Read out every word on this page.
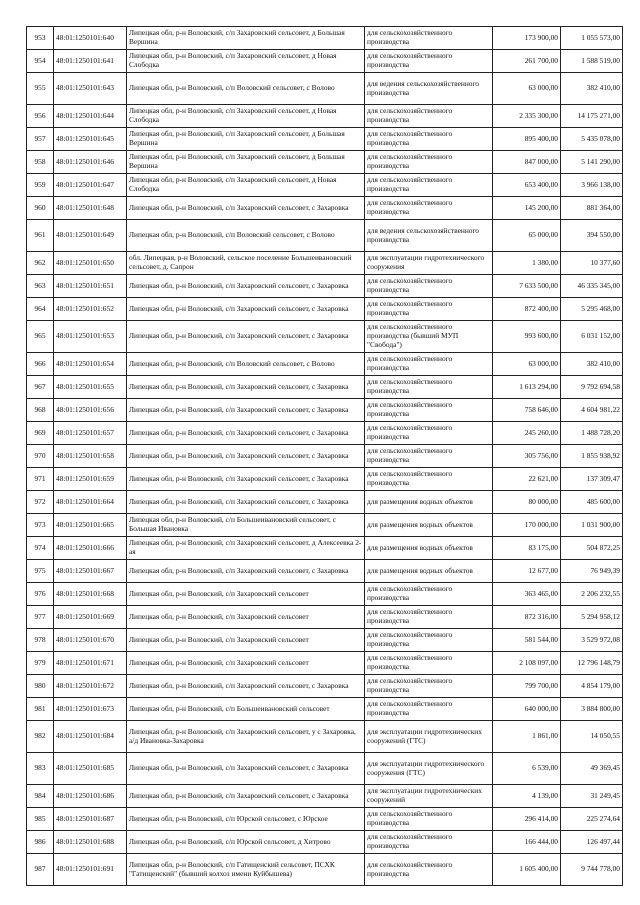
953	48:01:1250101:640	Липецкая обл, р-н Воловский, с/п Захаровский сельсовет, д Большая Вершина	для сельскохозяйственного производства	173 900,00	1 055 573,00
954	48:01:1250101:641	Липецкая обл, р-н Воловский, с/п Захаровский сельсовет, д Новая Слободка	для сельскохозяйственного производства	261 700,00	1 588 519,00
955	48:01:1250101:643	Липецкая обл, р-н Воловский, с/п Воловский сельсовет, с Волово	для ведения сельскохозяйственного производства	63 000,00	382 410,00
956	48:01:1250101:644	Липецкая обл, р-н Воловский, с/п Захаровский сельсовет, д Новая Слободка	для сельскохозяйственного производства	2 335 300,00	14 175 271,00
957	48:01:1250101:645	Липецкая обл, р-н Воловский, с/п Захаровский сельсовет, д Большая Вершина	для сельскохозяйственного производства	895 400,00	5 435 078,00
958	48:01:1250101:646	Липецкая обл, р-н Воловский, с/п Захаровский сельсовет, д Большая Вершина	для сельскохозяйственного производства	847 000,00	5 141 290,00
959	48:01:1250101:647	Липецкая обл, р-н Воловский, с/п Захаровский сельсовет, д Новая Слободка	для сельскохозяйственного производства	653 400,00	3 966 138,00
960	48:01:1250101:648	Липецкая обл, р-н Воловский, с/п Захаровский сельсовет, с Захаровка	для сельскохозяйственного производства	145 200,00	881 364,00
961	48:01:1250101:649	Липецкая обл, р-н Воловский, с/п Воловский сельсовет, с Волово	для ведения сельскохозяйственного производства	65 000,00	394 550,00
962	48:01:1250101:650	обл. Липецкая, р-н Воловский, сельское поселение Большеивановский сельсовет, д. Сапрон	для эксплуатации гидротехнического сооружения	1 380,00	10 377,60
963	48:01:1250101:651	Липецкая обл, р-н Воловский, с/п Захаровский сельсовет, с Захаровка	для сельскохозяйственного производства	7 633 500,00	46 335 345,00
964	48:01:1250101:652	Липецкая обл, р-н Воловский, с/п Захаровский сельсовет, с Захаровка	для сельскохозяйственного производства	872 400,00	5 295 468,00
965	48:01:1250101:653	Липецкая обл, р-н Воловский, с/п Захаровский сельсовет, с Захаровка	для сельскохозяйственного производства (бывший МУП "Свобода")	993 600,00	6 031 152,00
966	48:01:1250101:654	Липецкая обл, р-н Воловский, с/п Воловский сельсовет, с Волово	для сельскохозяйственного производства	63 000,00	382 410,00
967	48:01:1250101:655	Липецкая обл, р-н Воловский, с/п Захаровский сельсовет, с Захаровка	для сельскохозяйственного производства	1 613 294,00	9 792 694,58
968	48:01:1250101:656	Липецкая обл, р-н Воловский, с/п Захаровский сельсовет, с Захаровка	для сельскохозяйственного производства	758 646,00	4 604 981,22
969	48:01:1250101:657	Липецкая обл, р-н Воловский, с/п Захаровский сельсовет, с Захаровка	для сельскохозяйственного производства	245 260,00	1 488 728,20
970	48:01:1250101:658	Липецкая обл, р-н Воловский, с/п Захаровский сельсовет, с Захаровка	для сельскохозяйственного производства	305 756,00	1 855 938,92
971	48:01:1250101:659	Липецкая обл, р-н Воловский, с/п Захаровский сельсовет, с Захаровка	для сельскохозяйственного производства	22 621,00	137 309,47
972	48:01:1250101:664	Липецкая обл, р-н Воловский, с/п Захаровский сельсовет, с Захаровка	для размещения водных объектов	80 000,00	485 600,00
973	48:01:1250101:665	Липецкая обл, р-н Воловский, с/п Большеивановский сельсовет, с Большая Ивановка	для размещения водных объектов	170 000,00	1 031 900,00
974	48:01:1250101:666	Липецкая обл, р-н Воловский, с/п Захаровский сельсовет, д Алексеевка 2-ая	для размещения водных объектов	83 175,00	504 872,25
975	48:01:1250101:667	Липецкая обл, р-н Воловский, с/п Захаровский сельсовет, с Захаровка	для размещения водных объектов	12 677,00	76 949,39
976	48:01:1250101:668	Липецкая обл, р-н Воловский, с/п Захаровский сельсовет	для сельскохозяйственного производства	363 465,00	2 206 232,55
977	48:01:1250101:669	Липецкая обл, р-н Воловский, с/п Захаровский сельсовет	для сельскохозяйственного производства	872 316,00	5 294 958,12
978	48:01:1250101:670	Липецкая обл, р-н Воловский, с/п Захаровский сельсовет	для сельскохозяйственного производства	581 544,00	3 529 972,08
979	48:01:1250101:671	Липецкая обл, р-н Воловский, с/п Захаровский сельсовет	для сельскохозяйственного производства	2 108 097,00	12 796 148,79
980	48:01:1250101:672	Липецкая обл, р-н Воловский, с/п Захаровский сельсовет, с Захаровка	для сельскохозяйственного производства	799 700,00	4 854 179,00
981	48:01:1250101:673	Липецкая обл, р-н Воловский, с/п Большеивановский сельсовет	для сельскохозяйственного производства	640 000,00	3 884 800,00
982	48:01:1250101:684	Липецкая обл, р-н Воловский, с/п Захаровский сельсовет, у с Захаровка, а/д Ивановка-Захаровка	для эксплуатации гидротехнических сооружений (ГТС)	1 861,00	14 050,55
983	48:01:1250101:685	Липецкая обл, р-н Воловский, с/п Захаровский сельсовет, с Захаровка	для эксплуатации гидротехнического сооружения (ГТС)	6 539,00	49 369,45
984	48:01:1250101:686	Липецкая обл, р-н Воловский, с/п Захаровский сельсовет, с Захаровка	для эксплуатации гидротехнических сооружений	4 139,00	31 249,45
985	48:01:1250101:687	Липецкая обл, р-н Воловский, с/п Юрской сельсовет, с Юрское	для сельскохозяйственного производства	296 414,00	225 274,64
986	48:01:1250101:688	Липецкая обл, р-н Воловский, с/п Юрской сельсовет, д Хитрово	для сельскохозяйственного производства	166 444,00	126 497,44
987	48:01:1250101:691	Липецкая обл, р-н Воловский, с/п Гатищенский сельсовет, ПСХК "Гатищенский" (бывший колхоз имени Куйбышева)	для сельскохозяйственного производства	1 605 400,00	9 744 778,00
